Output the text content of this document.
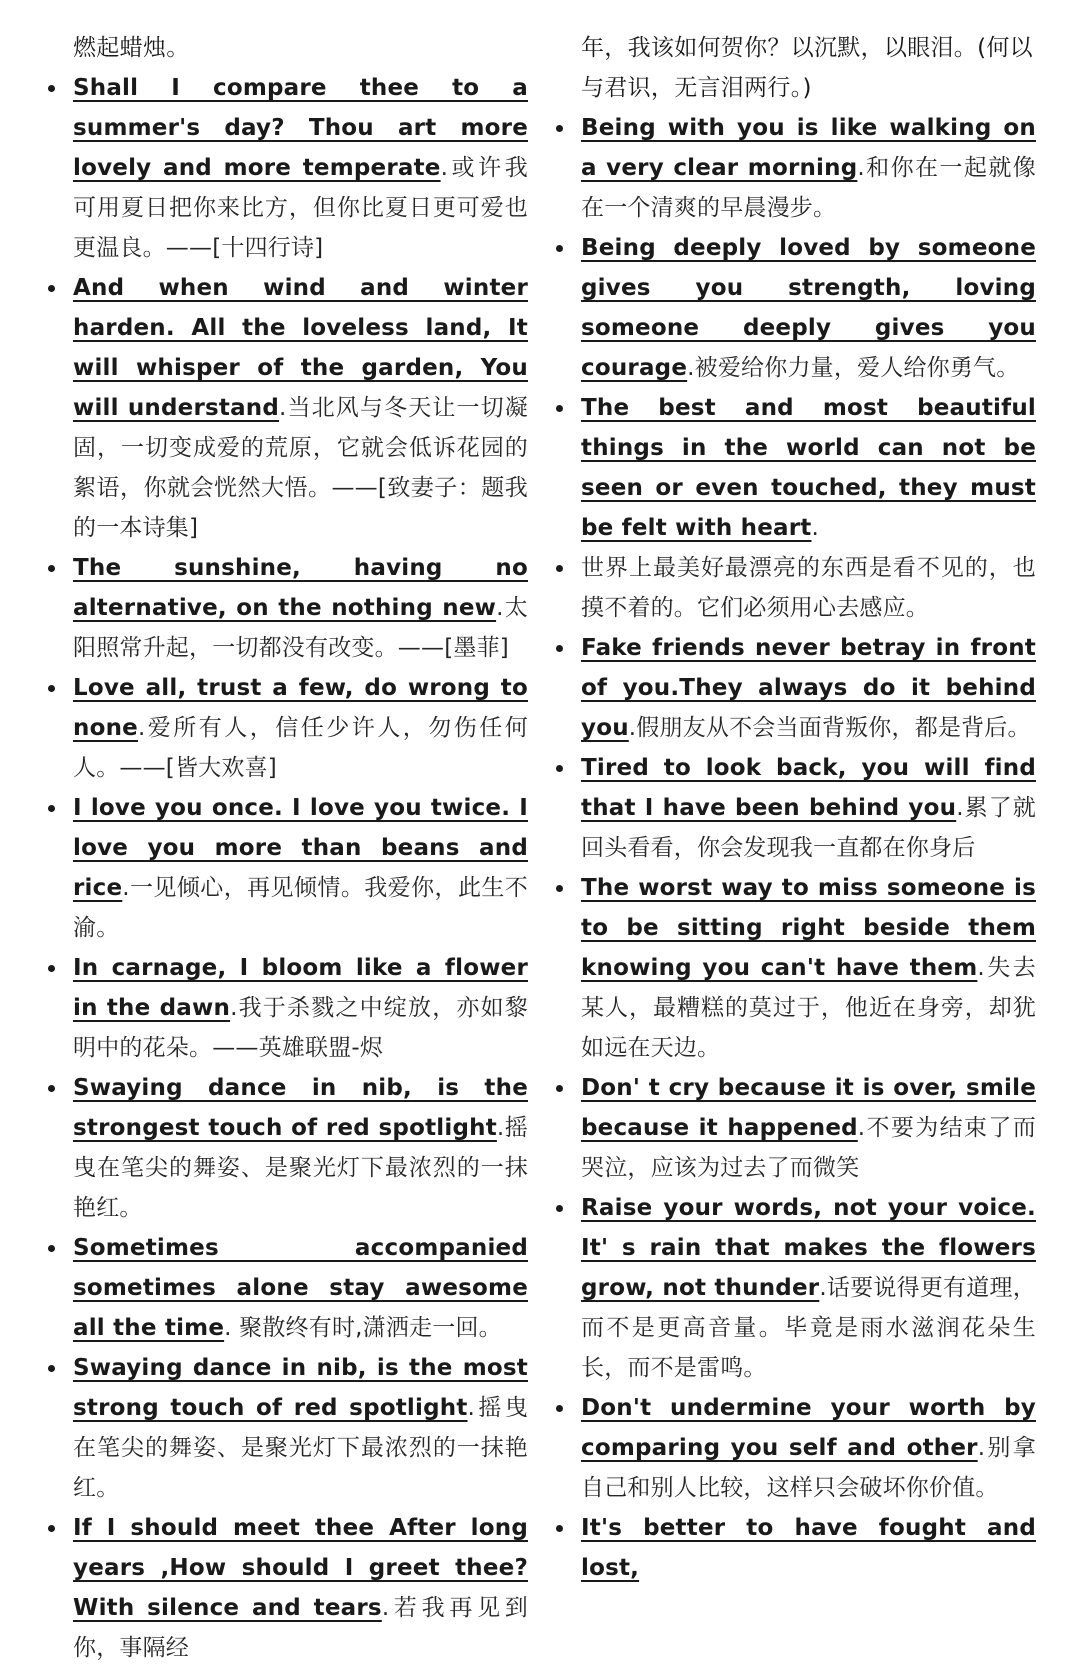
燃起蜡烛。

Shall I compare thee to a summer's day? Thou art more lovely and more temperate.或许我可用夏日把你来比方，但你比夏日更可爱也更温良。——[十四行诗]
And when wind and winter harden. All the loveless land, It will whisper of the garden, You will understand.当北风与冬天让一切凝固，一切变成爱的荒原，它就会低诉花园的絮语，你就会恍然大悟。——[致妻子：题我的一本诗集]
The sunshine, having no alternative, on the nothing new.太阳照常升起，一切都没有改变。——[墨菲]
Love all, trust a few, do wrong to none.爱所有人，信任少许人，勿伤任何人。——[皆大欢喜]
I love you once. I love you twice. I love you more than beans and rice.一见倾心，再见倾情。我爱你，此生不渝。
In carnage, I bloom like a flower in the dawn.我于杀戮之中绽放，亦如黎明中的花朵。——英雄联盟-烬
Swaying dance in nib, is the strongest touch of red spotlight.摇曳在笔尖的舞姿、是聚光灯下最浓烈的一抹艳红。
Sometimes accompanied sometimes alone stay awesome all the time. 聚散终有时,潇洒走一回。
Swaying dance in nib, is the most strong touch of red spotlight.摇曳在笔尖的舞姿、是聚光灯下最浓烈的一抹艳红。
If I should meet thee After long years ,How should I greet thee? With silence and tears.若我再见到你，事隔经

年，我该如何贺你？以沉默，以眼泪。(何以与君识，无言泪两行。)

Being with you is like walking on a very clear morning.和你在一起就像在一个清爽的早晨漫步。
Being deeply loved by someone gives you strength, loving someone deeply gives you courage.被爱给你力量，爱人给你勇气。
The best and most beautiful things in the world can not be seen or even touched, they must be felt with heart.
世界上最美好最漂亮的东西是看不见的，也摸不着的。它们必须用心去感应。
Fake friends never betray in front of you.They always do it behind you.假朋友从不会当面背叛你，都是背后。
Tired to look back, you will find that I have been behind you.累了就回头看看，你会发现我一直都在你身后
The worst way to miss someone is to be sitting right beside them knowing you can't have them.失去某人，最糟糕的莫过于，他近在身旁，却犹如远在天边。
Don' t cry because it is over, smile because it happened.不要为结束了而哭泣，应该为过去了而微笑
Raise your words, not your voice. It' s rain that makes the flowers grow, not thunder.话要说得更有道理，而不是更高音量。毕竟是雨水滋润花朵生长，而不是雷鸣。
Don't undermine your worth by comparing you self and other.别拿自己和别人比较，这样只会破坏你价值。
It's better to have fought and lost,
